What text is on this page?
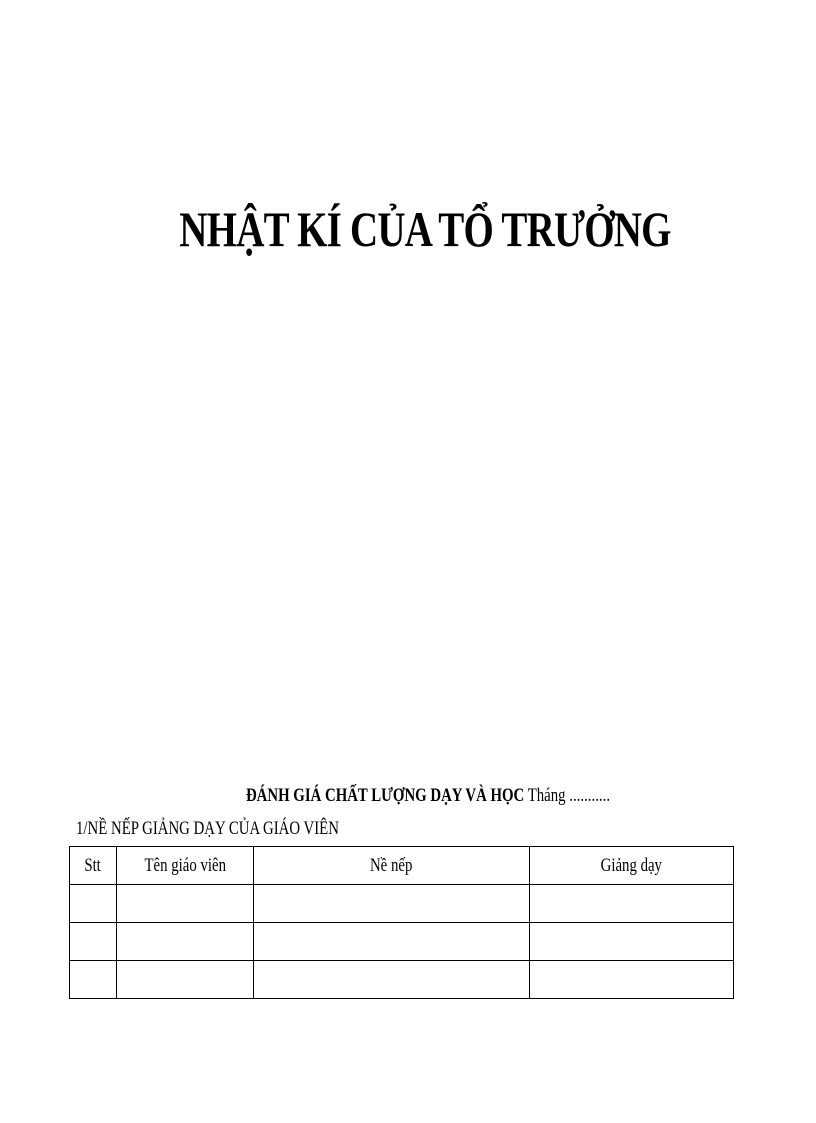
NHẬT KÍ CỦA TỔ TRƯỞNG
ĐÁNH GIÁ CHẤT LƯỢNG DẠY VÀ HỌC Tháng ...........
1/NỀ NẾP GIẢNG DẠY CỦA GIÁO VIÊN
Stt	Tên giáo viên	Nề nếp	Giảng dạy
